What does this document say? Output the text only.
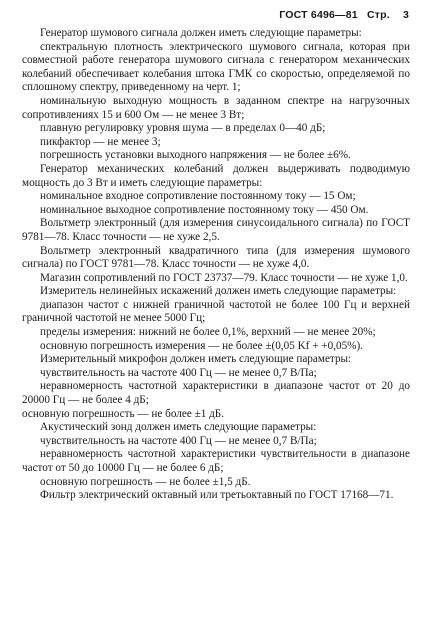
ГОСТ 6496—81 Стр. 3

Генератор шумового сигнала должен иметь следующие параметры:

спектральную плотность электрического шумового сигнала, которая при совместной работе генератора шумового сигнала с генератором механических колебаний обеспечивает колебания штока ГМК со скоростью, определяемой по сплошному спектру, приведенному на черт. 1;

номинальную выходную мощность в заданном спектре на нагрузочных сопротивлениях 15 и 600 Ом — не менее 3 Вт;

плавную регулировку уровня шума — в пределах 0—40 дБ;

пикфактор — не менее 3;

погрешность установки выходного напряжения — не более ±6%.

Генератор механических колебаний должен выдерживать подводимую мощность до 3 Вт и иметь следующие параметры:

номинальное входное сопротивление постоянному току — 15 Ом;

номинальное выходное сопротивление постоянному току — 450 Ом.

Вольтметр электронный (для измерения синусоидального сигнала) по ГОСТ 9781—78. Класс точности — не хуже 2,5.

Вольтметр электронный квадратичного типа (для измерения шумового сигнала) по ГОСТ 9781—78. Класс точности — не хуже 4,0.

Магазин сопротивлений по ГОСТ 23737—79. Класс точности — не хуже 1,0.

Измеритель нелинейных искажений должен иметь следующие параметры:

диапазон частот с нижней граничной частотой не более 100 Гц и верхней граничной частотой не менее 5000 Гц;

пределы измерения: нижний не более 0,1%, верхний — не менее 20%;

основную погрешность измерения — не более ±(0,05 Kf + +0,05%).

Измерительный микрофон должен иметь следующие параметры:

чувствительность на частоте 400 Гц — не менее 0,7 В/Па;

неравномерность частотной характеристики в диапазоне частот от 20 до 20000 Гц — не более 4 дБ;

основную погрешность — не более ±1 дБ.

Акустический зонд должен иметь следующие параметры:

чувствительность на частоте 400 Гц — не менее 0,7 В/Па;

неравномерность частотной характеристики чувствительности в диапазоне частот от 50 до 10000 Гц — не более 6 дБ;

основную погрешность — не более ±1,5 дБ.

Фильтр электрический октавный или третьоктавный по ГОСТ 17168—71.
